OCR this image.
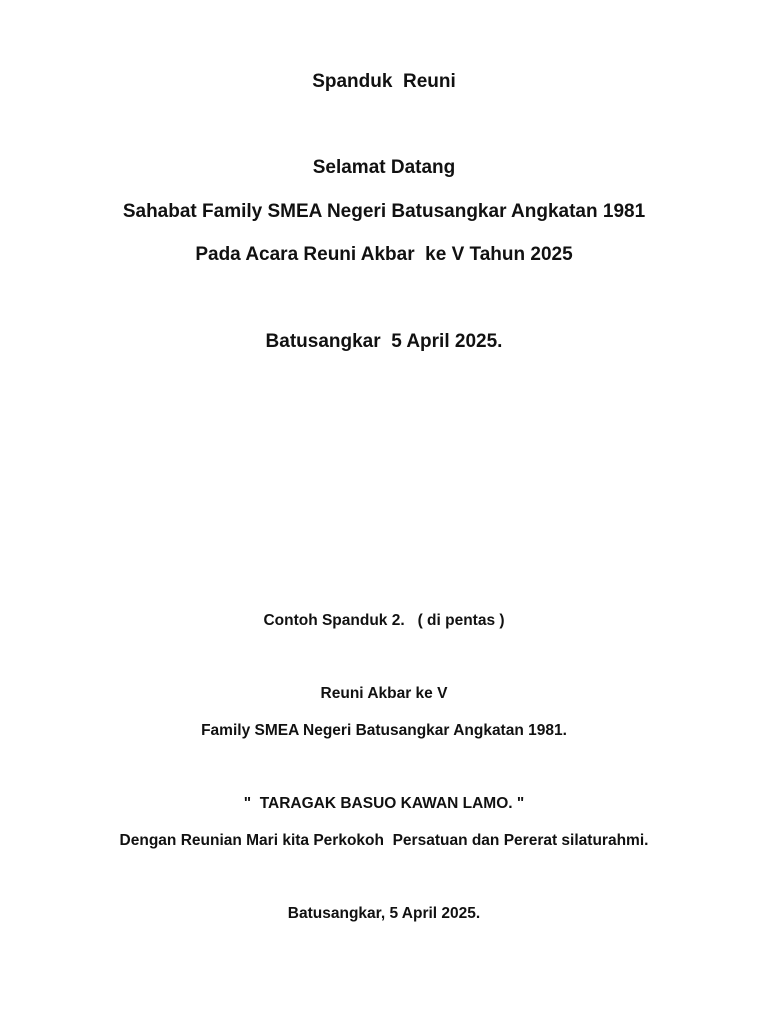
Spanduk  Reuni
Selamat Datang
Sahabat Family SMEA Negeri Batusangkar Angkatan 1981
Pada Acara Reuni Akbar  ke V Tahun 2025
Batusangkar  5 April 2025.
Contoh Spanduk 2.   ( di pentas )
Reuni Akbar ke V
Family SMEA Negeri Batusangkar Angkatan 1981.
"  TARAGAK BASUO KAWAN LAMO. "
Dengan Reunian Mari kita Perkokoh  Persatuan dan Pererat silaturahmi.
Batusangkar, 5 April 2025.
